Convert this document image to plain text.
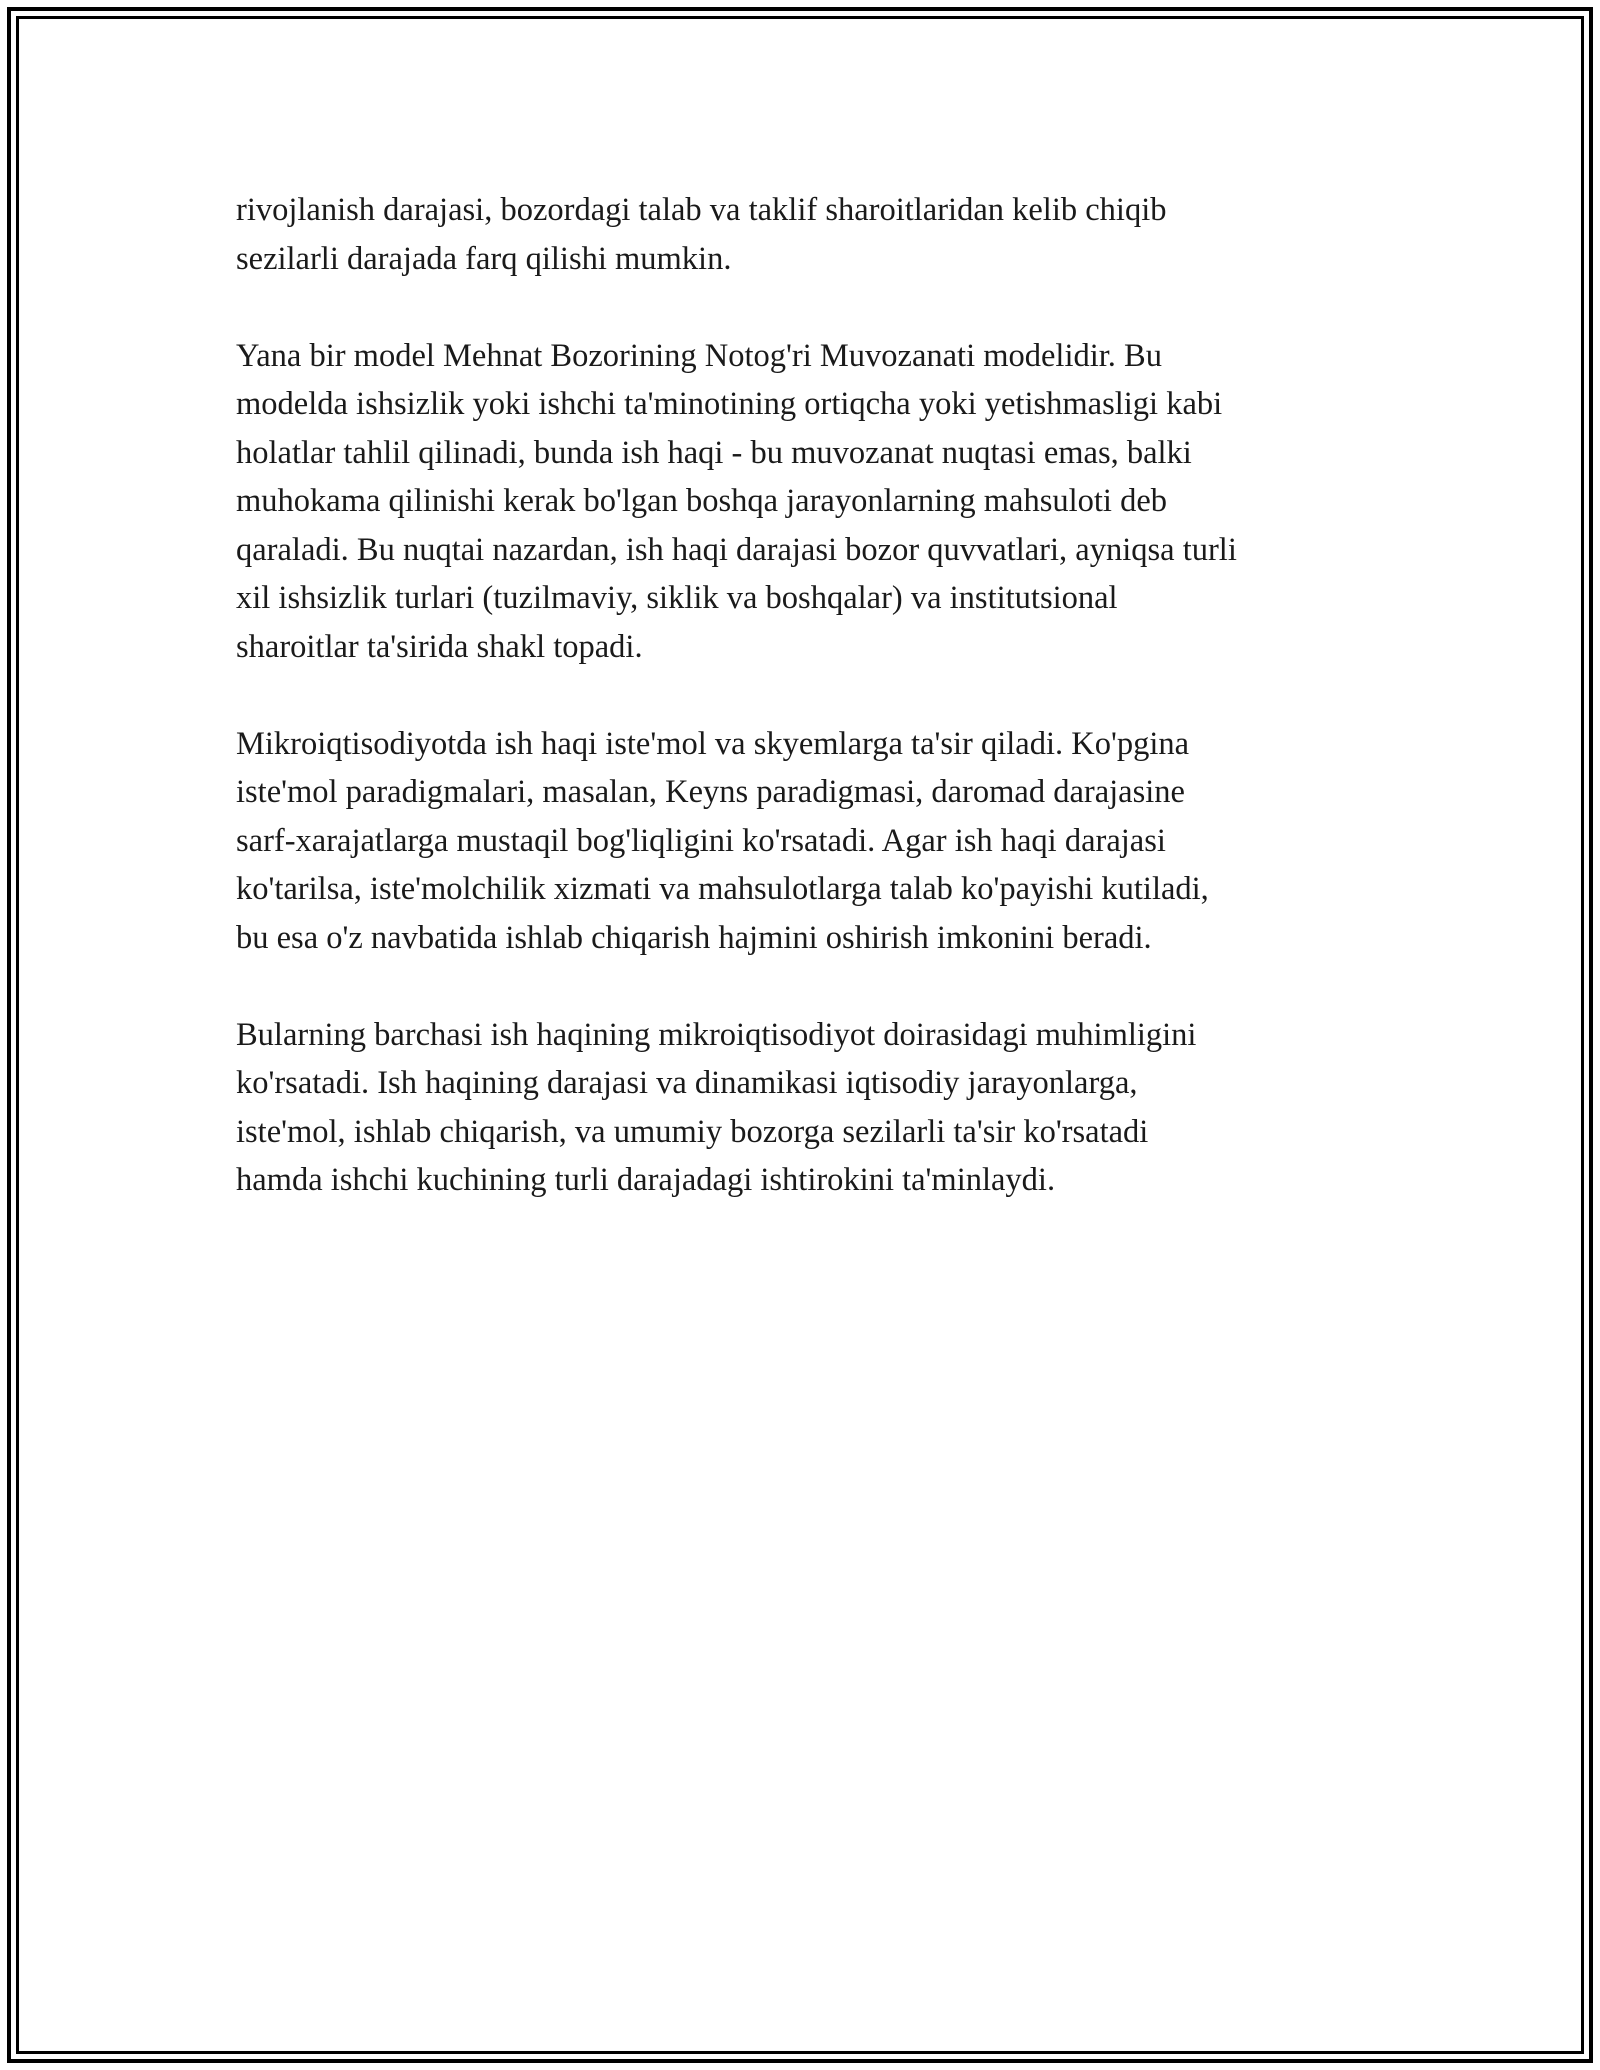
rivojlanish darajasi, bozordagi talab va taklif sharoitlaridan kelib chiqib
sezilarli darajada farq qilishi mumkin.

Yana bir model Mehnat Bozorining Notog'ri Muvozanati modelidir. Bu
modelda ishsizlik yoki ishchi ta'minotining ortiqcha yoki yetishmasligi kabi
holatlar tahlil qilinadi, bunda ish haqi - bu muvozanat nuqtasi emas, balki
muhokama qilinishi kerak bo'lgan boshqa jarayonlarning mahsuloti deb
qaraladi. Bu nuqtai nazardan, ish haqi darajasi bozor quvvatlari, ayniqsa turli
xil ishsizlik turlari (tuzilmaviy, siklik va boshqalar) va institutsional
sharoitlar ta'sirida shakl topadi.

Mikroiqtisodiyotda ish haqi iste'mol va skyemlarga ta'sir qiladi. Ko'pgina
iste'mol paradigmalari, masalan, Keyns paradigmasi, daromad darajasine
sarf-xarajatlarga mustaqil bog'liqligini ko'rsatadi. Agar ish haqi darajasi
ko'tarilsa, iste'molchilik xizmati va mahsulotlarga talab ko'payishi kutiladi,
bu esa o'z navbatida ishlab chiqarish hajmini oshirish imkonini beradi.

Bularning barchasi ish haqining mikroiqtisodiyot doirasidagi muhimligini
ko'rsatadi. Ish haqining darajasi va dinamikasi iqtisodiy jarayonlarga,
iste'mol, ishlab chiqarish, va umumiy bozorga sezilarli ta'sir ko'rsatadi
hamda ishchi kuchining turli darajadagi ishtirokini ta'minlaydi.
